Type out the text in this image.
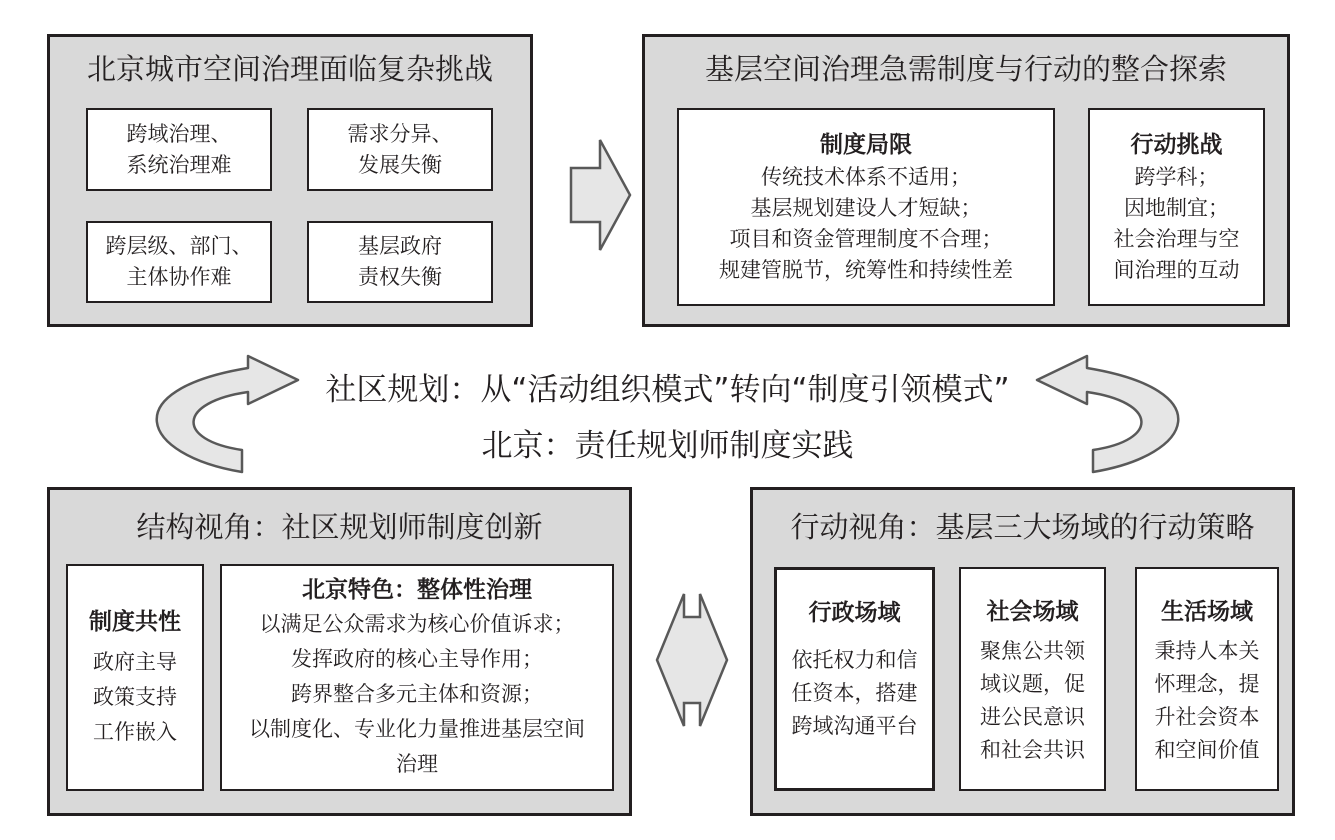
北京城市空间治理面临复杂挑战
跨域治理、
系统治理难
需求分异、
发展失衡
跨层级、部门、
主体协作难
基层政府
责权失衡
基层空间治理急需制度与行动的整合探索
制度局限
传统技术体系不适用；
基层规划建设人才短缺；
项目和资金管理制度不合理；
规建管脱节，统筹性和持续性差
行动挑战
跨学科；
因地制宜；
社会治理与空
间治理的互动
社区规划：从“活动组织模式”转向“制度引领模式”
北京：责任规划师制度实践
结构视角：社区规划师制度创新
制度共性
政府主导
政策支持
工作嵌入
北京特色：整体性治理
以满足公众需求为核心价值诉求；
发挥政府的核心主导作用；
跨界整合多元主体和资源；
以制度化、专业化力量推进基层空间
治理
行动视角：基层三大场域的行动策略
行政场域
依托权力和信
任资本，搭建
跨域沟通平台
社会场域
聚焦公共领
域议题，促
进公民意识
和社会共识
生活场域
秉持人本关
怀理念，提
升社会资本
和空间价值
